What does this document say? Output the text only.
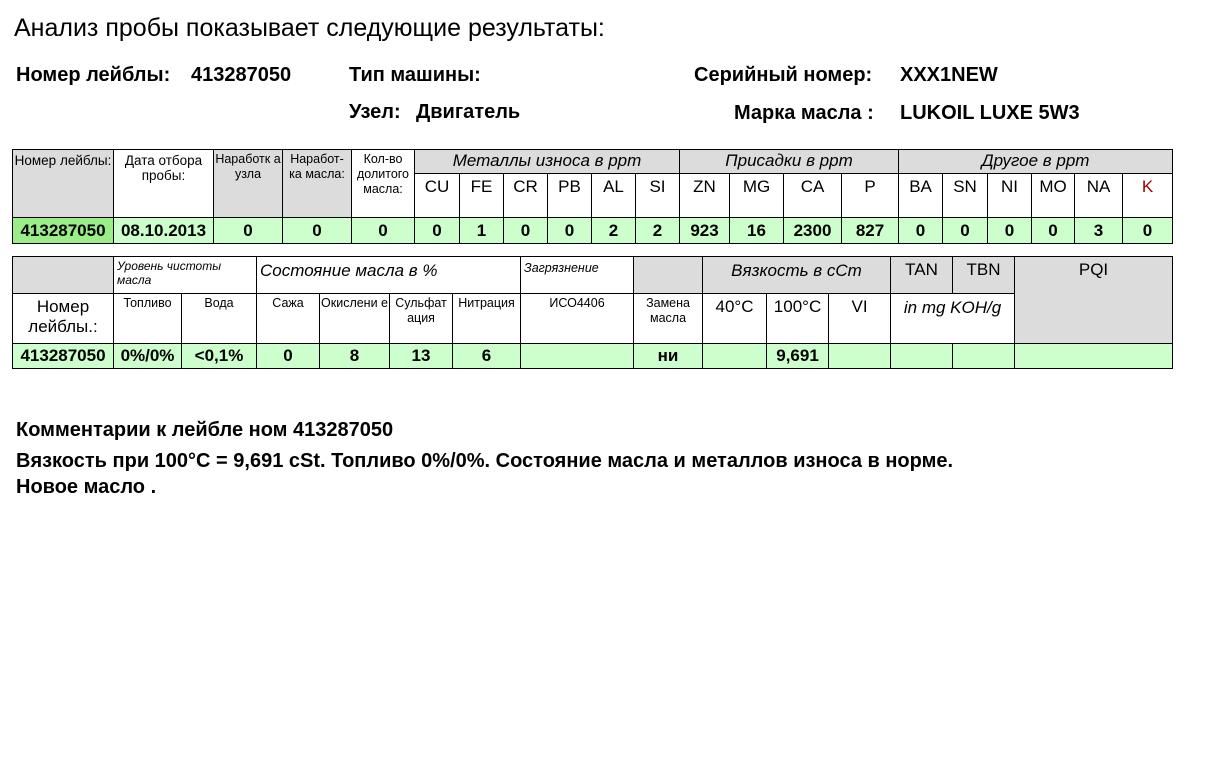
Анализ пробы показывает следующие результаты:
Номер лейблы: 413287050	Тип машины:	Серийный номер: XXX1NEW
Узел: Двигатель	Марка масла : LUKOIL LUXE 5W3
Номер лейблы:	Дата отбора пробы:	Наработк а узла	Наработ- ка масла:	Кол-во долитого масла:	Металлы износа в ppm						Присадки в ppm				Другое в ppm					
					CU	FE	CR	PB	AL	SI	ZN	MG	CA	P	BA	SN	NI	MO	NA	K
413287050	08.10.2013	0	0	0	0	1	0	0	2	2	923	16	2300	827	0	0	0	0	3	0
	Уровень чистоты масла		Состояние масла в %				Загрязнение		Вязкость в сСт			TAN	TBN	PQI
Номер лейблы.:	Топливо	Вода	Сажа	Окислени е	Сульфат ация	Нитрация	ИСО4406	Замена масла	40°C	100°C	VI	in mg KOH/g		
413287050	0%/0%	<0,1%	0	8	13	6		ни		9,691				
Комментарии к лейбле ном 413287050
Вязкость при 100°C = 9,691 cSt. Топливо 0%/0%. Состояние масла и металлов износа в норме.
Новое масло .
